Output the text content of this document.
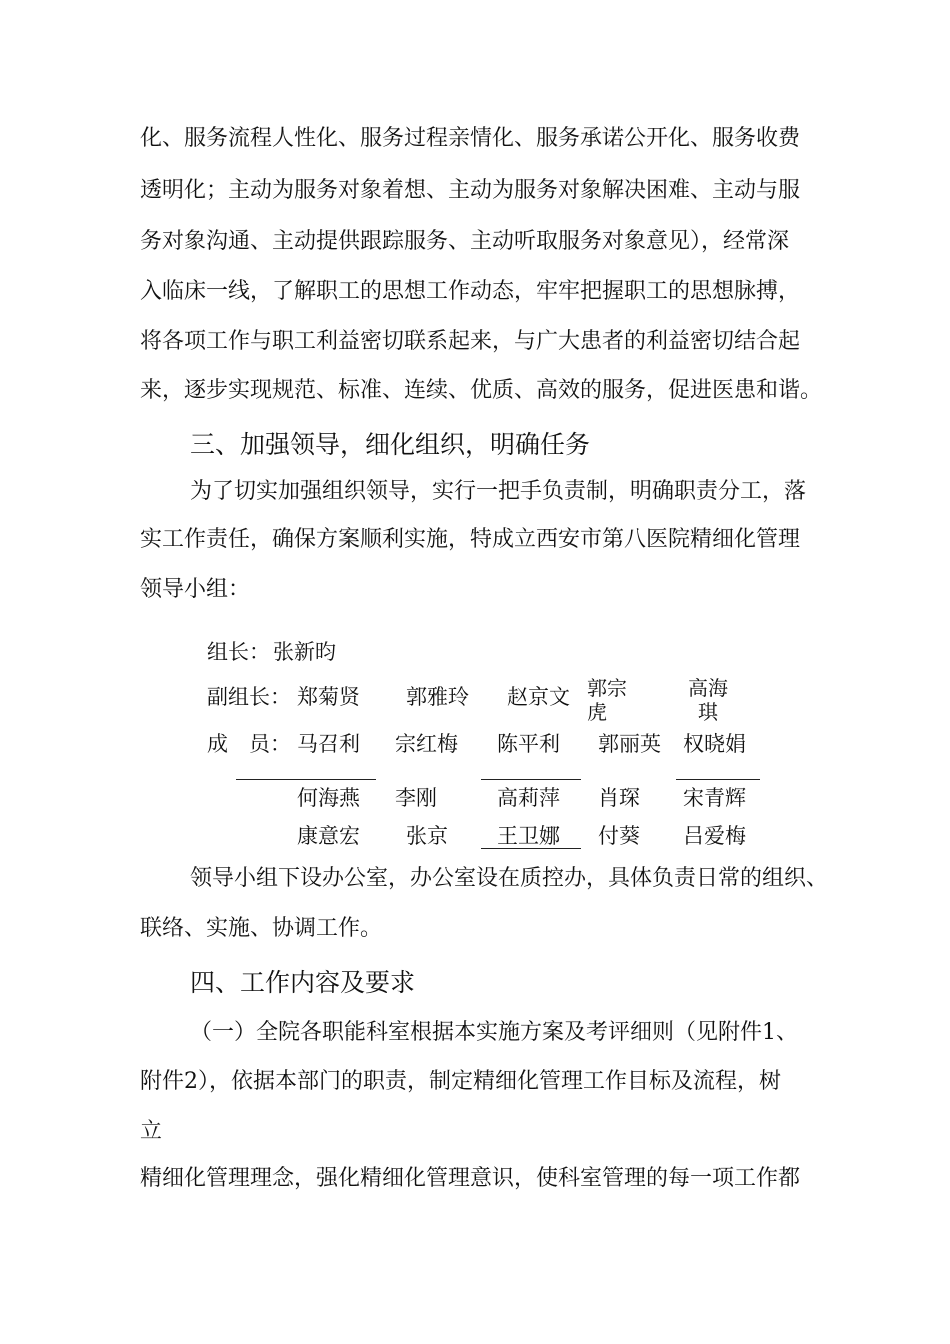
化、服务流程人性化、服务过程亲情化、服务承诺公开化、服务收费
透明化；主动为服务对象着想、主动为服务对象解决困难、主动与服
务对象沟通、主动提供跟踪服务、主动听取服务对象意见），经常深
入临床一线，了解职工的思想工作动态，牢牢把握职工的思想脉搏，
将各项工作与职工利益密切联系起来，与广大患者的利益密切结合起
来，逐步实现规范、标准、连续、优质、高效的服务，促进医患和谐。
三、加强领导，细化组织，明确任务
为了切实加强组织领导，实行一把手负责制，明确职责分工，落
实工作责任，确保方案顺利实施，特成立西安市第八医院精细化管理
领导小组：
组长： 张新昀
副组长： 郑菊贤 郭雅玲 赵京文 郭宗
虎
高海
琪
成　员： 马召利 宗红梅 陈平利 郭丽英 权晓娟
何海燕 李刚	高莉萍 肖琛 宋青辉
康意宏 张京 王卫娜 付葵 吕爱梅
领导小组下设办公室，办公室设在质控办，具体负责日常的组织、
联络、实施、协调工作。
四、工作内容及要求
（一）全院各职能科室根据本实施方案及考评细则（见附件1、
附件2），依据本部门的职责，制定精细化管理工作目标及流程，树
立
精细化管理理念，强化精细化管理意识，使科室管理的每一项工作都
